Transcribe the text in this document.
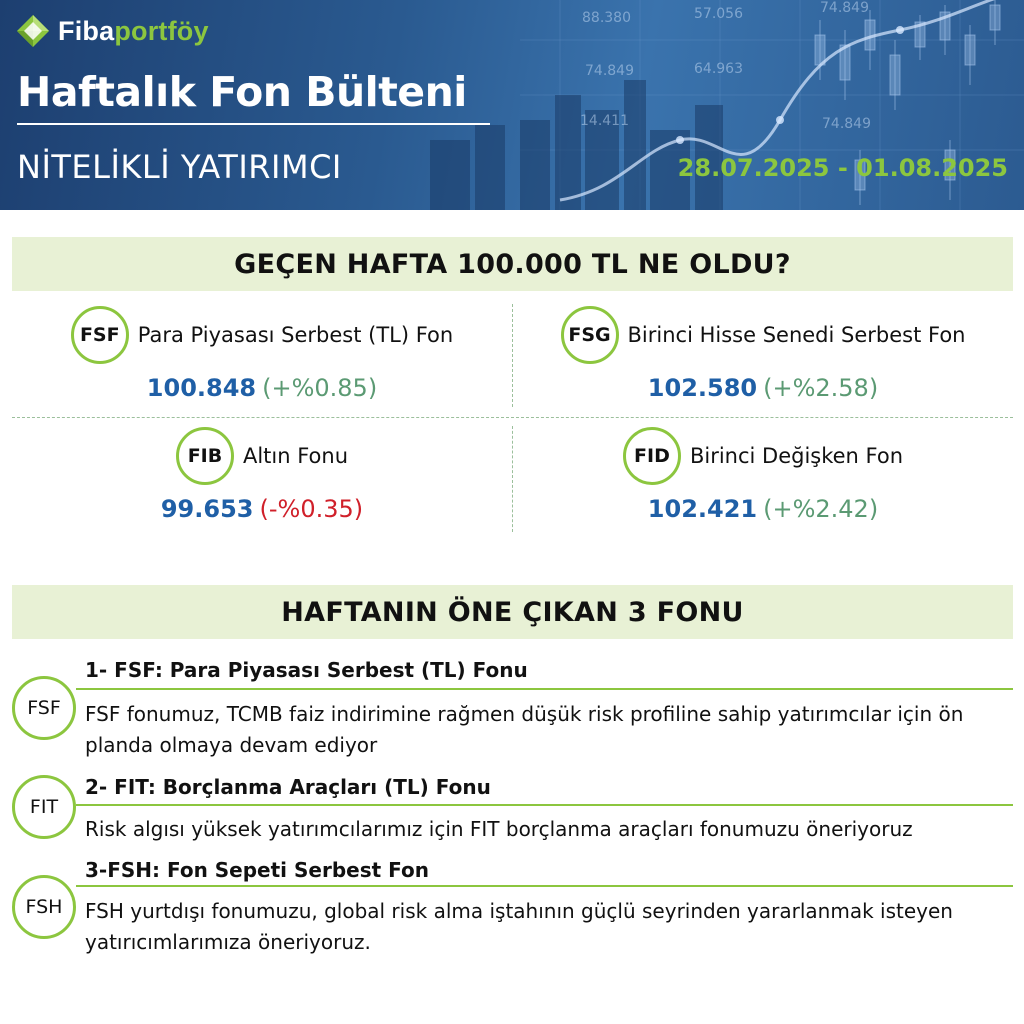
88.380	57.056	74.849
74.849	64.963
14.411	74.849
Fibaportföy
Haftalık Fon Bülteni
NİTELİKLİ YATIRIMCI	28.07.2025 - 01.08.2025
GEÇEN HAFTA 100.000 TL NE OLDU?
FSF Para Piyasası Serbest (TL) Fon
100.848 (+%0.85)
FSG Birinci Hisse Senedi Serbest Fon
102.580 (+%2.58)
FIB Altın Fonu
99.653 (-%0.35)
FID Birinci Değişken Fon
102.421 (+%2.42)
HAFTANIN ÖNE ÇIKAN 3 FONU
FSF
1- FSF: Para Piyasası Serbest (TL) Fonu
FSF fonumuz, TCMB faiz indirimine rağmen düşük risk profiline sahip yatırımcılar için ön planda olmaya devam ediyor
FIT
2- FIT: Borçlanma Araçları (TL) Fonu
Risk algısı yüksek yatırımcılarımız için FIT borçlanma araçları fonumuzu öneriyoruz
FSH
3-FSH: Fon Sepeti Serbest Fon
FSH yurtdışı fonumuzu, global risk alma iştahının güçlü seyrinden yararlanmak isteyen yatırıcımlarımıza öneriyoruz.
